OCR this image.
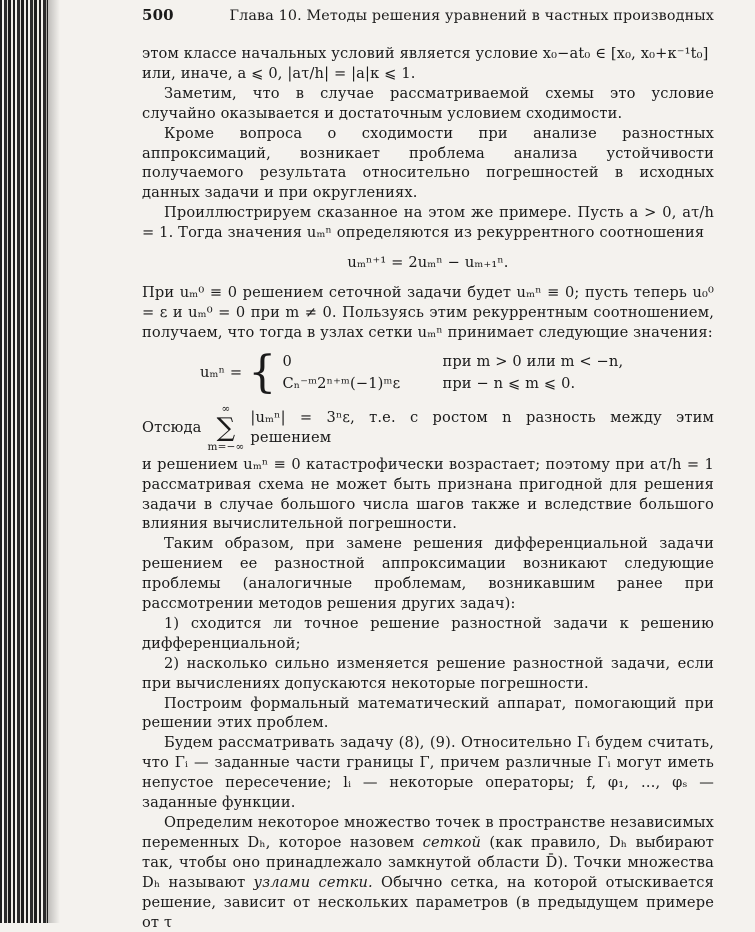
500	Глава 10. Методы решения уравнений в частных производных

этом классе начальных условий является условие x₀−at₀ ∈ [x₀, x₀+κ⁻¹t₀]

или, иначе, a ⩽ 0, |aτ/h| = |a|κ ⩽ 1.

Заметим, что в случае рассматриваемой схемы это условие случайно оказывается и достаточным условием сходимости.

Кроме вопроса о сходимости при анализе разностных аппроксимаций, возникает проблема анализа устойчивости получаемого результата относительно погрешностей в исходных данных задачи и при округлениях.

Проиллюстрируем сказанное на этом же примере. Пусть a > 0, aτ/h = 1. Тогда значения uₘⁿ определяются из рекуррентного соотношения

uₘⁿ⁺¹ = 2uₘⁿ − uₘ₊₁ⁿ.

При uₘ⁰ ≡ 0 решением сеточной задачи будет uₘⁿ ≡ 0; пусть теперь u₀⁰ = ε и uₘ⁰ = 0 при m ≠ 0. Пользуясь этим рекуррентным соотношением, получаем, что тогда в узлах сетки uₘⁿ принимает следующие значения:

uₘⁿ = { 0	при m > 0 или m < −n,
Cₙ⁻ᵐ2ⁿ⁺ᵐ(−1)ᵐε	при − n ⩽ m ⩽ 0.
Отсюда
∞
∑
m=−∞
|uₘⁿ| = 3ⁿε, т.е. с ростом n разность между этим решением

и решением uₘⁿ ≡ 0 катастрофически возрастает; поэтому при aτ/h = 1 рассматривая схема не может быть признана пригодной для решения задачи в случае большого числа шагов также и вследствие большого влияния вычислительной погрешности.

Таким образом, при замене решения дифференциальной задачи решением ее разностной аппроксимации возникают следующие проблемы (аналогичные проблемам, возникавшим ранее при рассмотрении методов решения других задач):

1) сходится ли точное решение разностной задачи к решению дифференциальной;

2) насколько сильно изменяется решение разностной задачи, если при вычислениях допускаются некоторые погрешности.

Построим формальный математический аппарат, помогающий при решении этих проблем.

Будем рассматривать задачу (8), (9). Относительно Γᵢ будем считать, что Γᵢ — заданные части границы Γ, причем различные Γᵢ могут иметь непустое пересечение; lᵢ — некоторые операторы; f, φ₁, …, φₛ — заданные функции.

Определим некоторое множество точек в пространстве независимых переменных Dₕ, которое назовем сеткой (как правило, Dₕ выбирают так, чтобы оно принадлежало замкнутой области D̄). Точки множества Dₕ называют узлами сетки. Обычно сетка, на которой отыскивается решение, зависит от нескольких параметров (в предыдущем примере от τ
